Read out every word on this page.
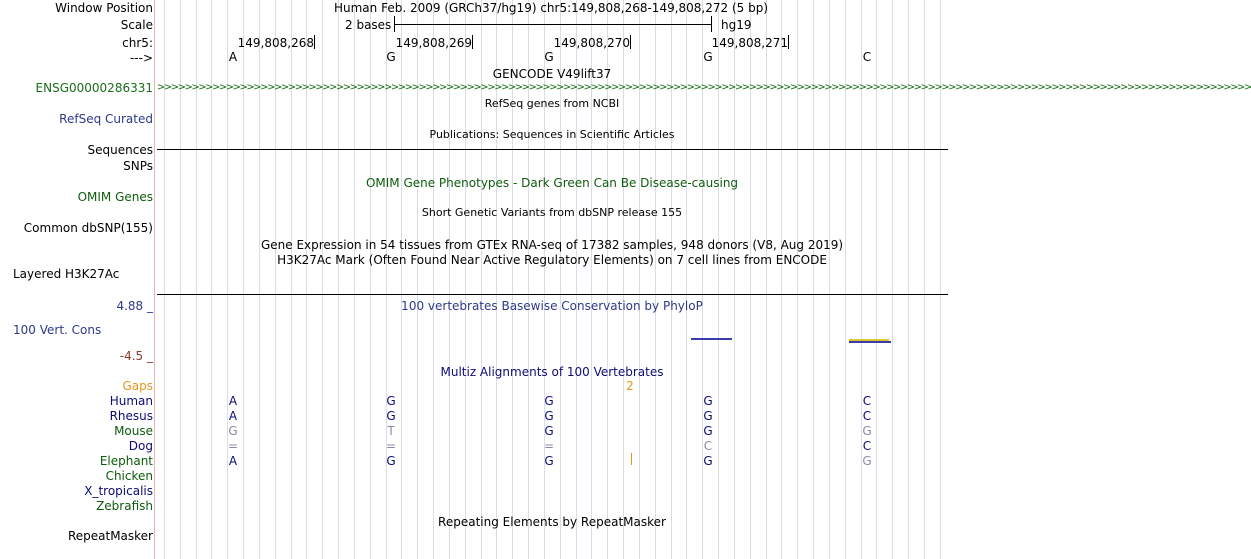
Window Position	Human Feb. 2009 (GRCh37/hg19) chr5:149,808,268-149,808,272 (5 bp)
Scale	2 bases	hg19
chr5:	149,808,268	149,808,269	149,808,270	149,808,271
--->	A	G	G	G	C
GENCODE V49lift37
ENSG00000286331 >>>>>>>>>>>>>>>>>>>>>>>>>>>>>>>>>>>>>>>>>>>>>>>>>>>>>>>>>>>>>>>>>>>>>>>>>>>>>>>>>>>>>>>>>>>>>>>>>>>>>>>>>>>>>>>>>>>>>>>>>>>>>>>>>>>>>>>>>>>>>>>>>>>>>>>>>>>>>>>
RefSeq genes from NCBI
RefSeq Curated
Publications: Sequences in Scientific Articles
Sequences
SNPs
OMIM Gene Phenotypes - Dark Green Can Be Disease-causing
OMIM Genes
Short Genetic Variants from dbSNP release 155
Common dbSNP(155)
Gene Expression in 54 tissues from GTEx RNA-seq of 17382 samples, 948 donors (V8, Aug 2019)
H3K27Ac Mark (Often Found Near Active Regulatory Elements) on 7 cell lines from ENCODE
Layered H3K27Ac
4.88 _	100 vertebrates Basewise Conservation by PhyloP
100 Vert. Cons
-4.5 _
Multiz Alignments of 100 Vertebrates
Gaps	2
Human	A	G	G	G	C
Rhesus	A	G	G	G	C
Mouse	G	T	G	G	G
Dog	=	=	=	C	C
Elephant	A	G	G	G	G
Chicken
X_tropicalis
Zebrafish
Repeating Elements by RepeatMasker
RepeatMasker
